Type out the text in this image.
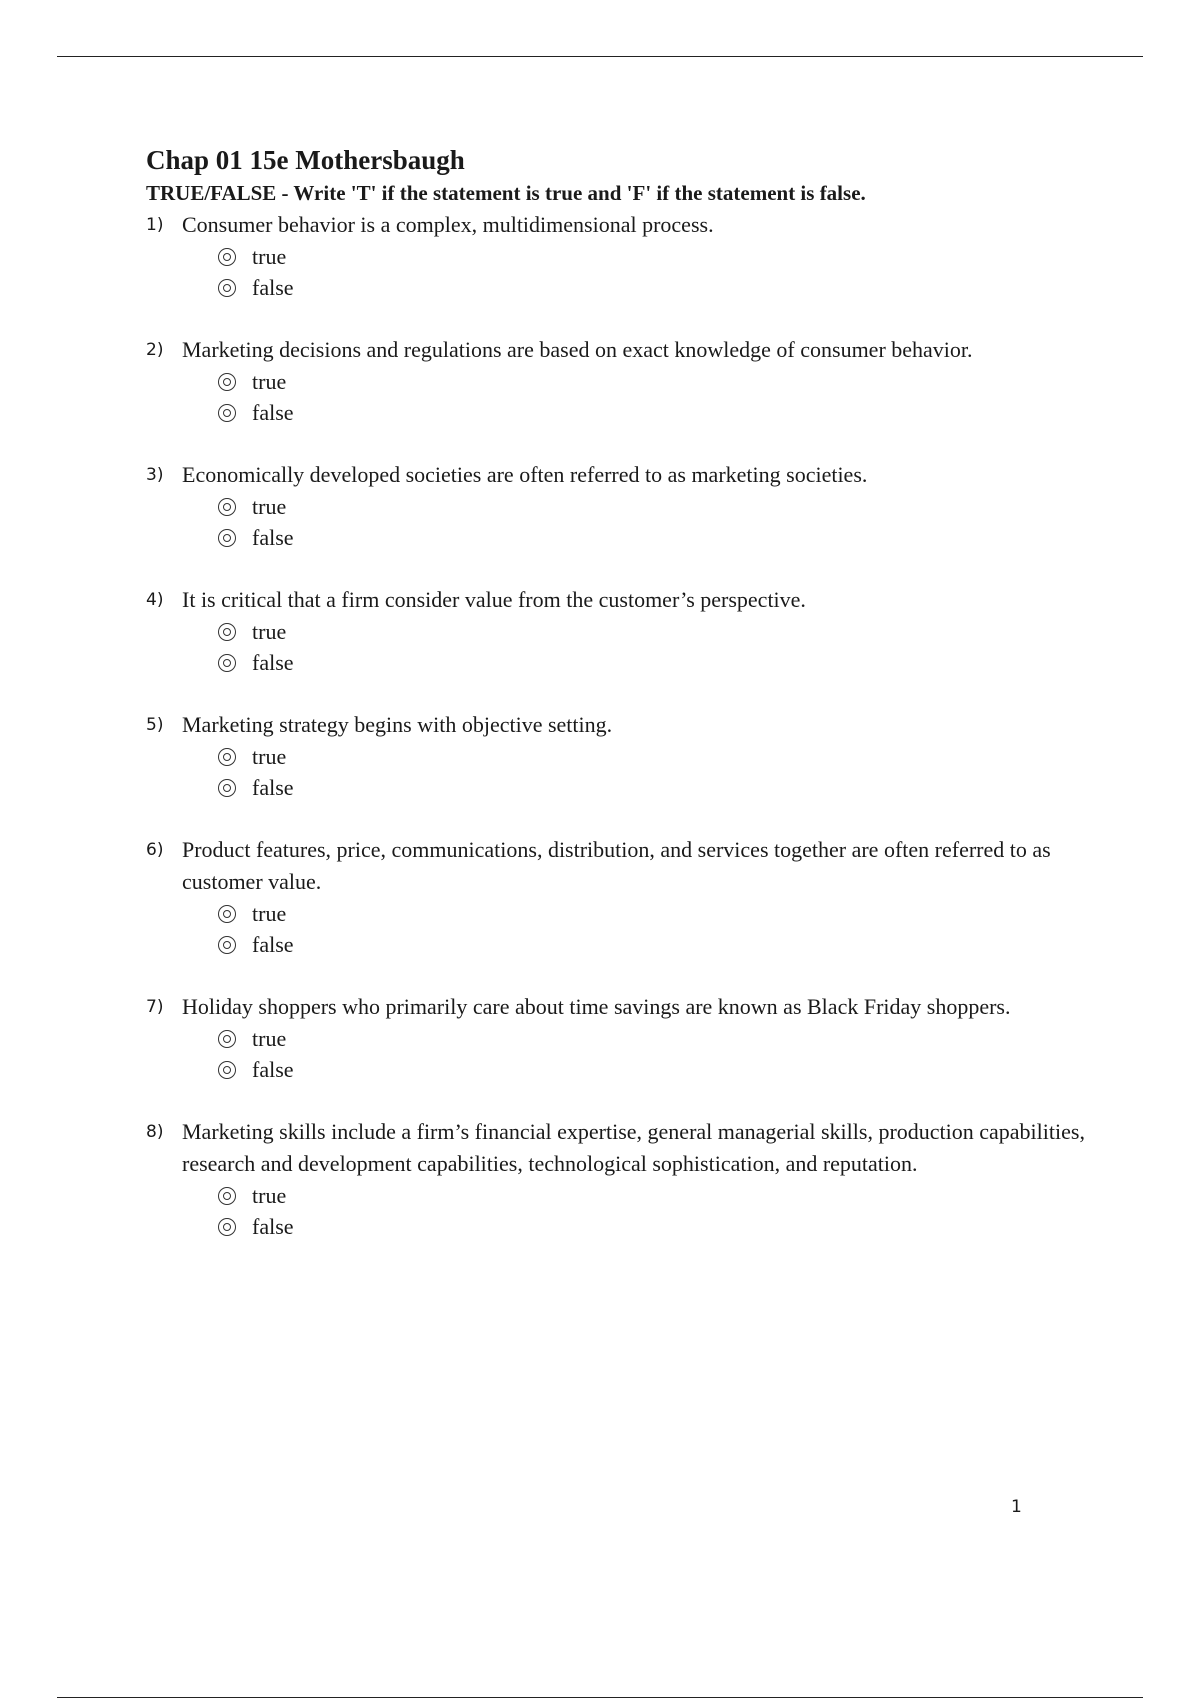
Chap 01 15e Mothersbaugh

TRUE/FALSE - Write 'T' if the statement is true and 'F' if the statement is false.

1) Consumer behavior is a complex, multidimensional process.
true
false
2) Marketing decisions and regulations are based on exact knowledge of consumer behavior.
true
false
3) Economically developed societies are often referred to as marketing societies.
true
false
4) It is critical that a firm consider value from the customer’s perspective.
true
false
5) Marketing strategy begins with objective setting.
true
false
6) Product features, price, communications, distribution, and services together are often referred to as customer value.
true
false
7) Holiday shoppers who primarily care about time savings are known as Black Friday shoppers.
true
false
8) Marketing skills include a firm’s financial expertise, general managerial skills, production capabilities, research and development capabilities, technological sophistication, and reputation.
true
false
1
